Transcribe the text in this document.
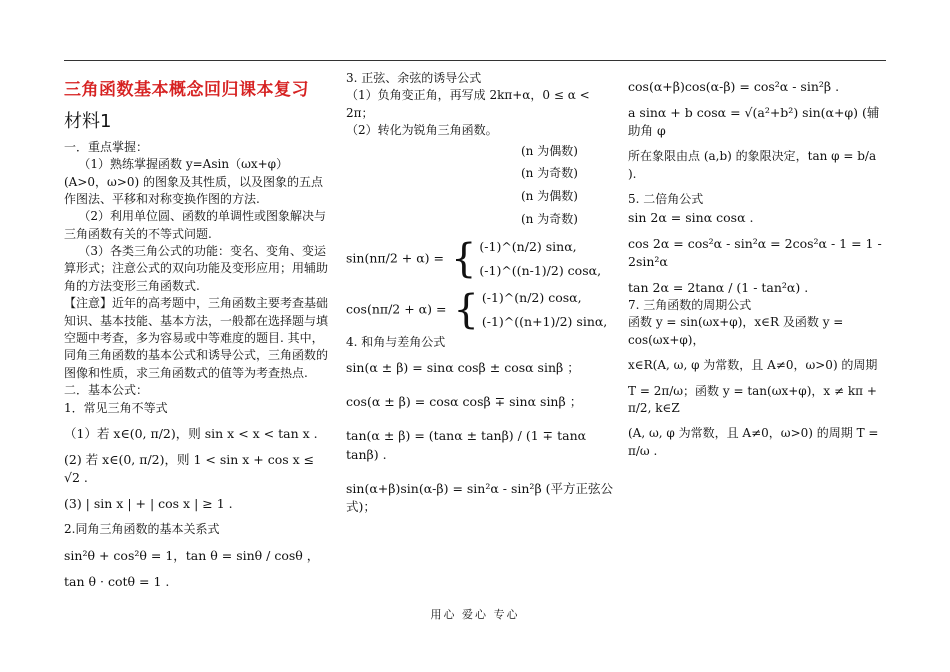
三角函数基本概念回归课本复习
材料1

一．重点掌握：

（1）熟练掌握函数 y=Asin（ωx+φ）

(A>0，ω>0) 的图象及其性质，以及图象的五点作图法、平移和对称变换作图的方法.

（2）利用单位圆、函数的单调性或图象解决与三角函数有关的不等式问题.

（3）各类三角公式的功能：变名、变角、变运算形式；注意公式的双向功能及变形应用；用辅助角的方法变形三角函数式.

【注意】近年的高考题中，三角函数主要考查基础知识、基本技能、基本方法，一般都在选择题与填空题中考查，多为容易或中等难度的题目. 其中，同角三角函数的基本公式和诱导公式，三角函数的图像和性质，求三角函数式的值等为考查热点.

二．基本公式：

1．常见三角不等式

（1）若 x∈(0, π/2)，则 sin x < x < tan x .

(2) 若 x∈(0, π/2)，则 1 < sin x + cos x ≤ √2 .

(3) | sin x | + | cos x | ≥ 1 .

2.同角三角函数的基本关系式

sin²θ + cos²θ = 1，tan θ = sinθ / cosθ ，

tan θ · cotθ = 1 .

3. 正弦、余弦的诱导公式

（1）负角变正角，再写成 2kπ+α，0 ≤ α < 2π；

（2）转化为锐角三角函数。

(n 为偶数)

(n 为奇数)

(n 为偶数)

(n 为奇数)

sin(nπ/2 + α) = { (-1)^(n/2) sinα,
(-1)^((n-1)/2) cosα,
cos(nπ/2 + α) = { (-1)^(n/2) cosα,
(-1)^((n+1)/2) sinα,

4. 和角与差角公式

sin(α ± β) = sinα cosβ ± cosα sinβ ；

cos(α ± β) = cosα cosβ ∓ sinα sinβ ；

tan(α ± β) = (tanα ± tanβ) / (1 ∓ tanα tanβ) .

sin(α+β)sin(α-β) = sin²α - sin²β (平方正弦公式)；

cos(α+β)cos(α-β) = cos²α - sin²β .

a sinα + b cosα = √(a²+b²) sin(α+φ) (辅助角 φ

所在象限由点 (a,b) 的象限决定，tan φ = b/a ).

5. 二倍角公式

sin 2α = sinα cosα .

cos 2α = cos²α - sin²α = 2cos²α - 1 = 1 - 2sin²α

tan 2α = 2tanα / (1 - tan²α) .

7. 三角函数的周期公式

函数 y = sin(ωx+φ)，x∈R 及函数 y = cos(ωx+φ)，

x∈R(A, ω, φ 为常数，且 A≠0，ω>0) 的周期

T = 2π/ω；函数 y = tan(ωx+φ)，x ≠ kπ + π/2, k∈Z

(A, ω, φ 为常数，且 A≠0，ω>0) 的周期 T = π/ω .

用心 爱心 专心
